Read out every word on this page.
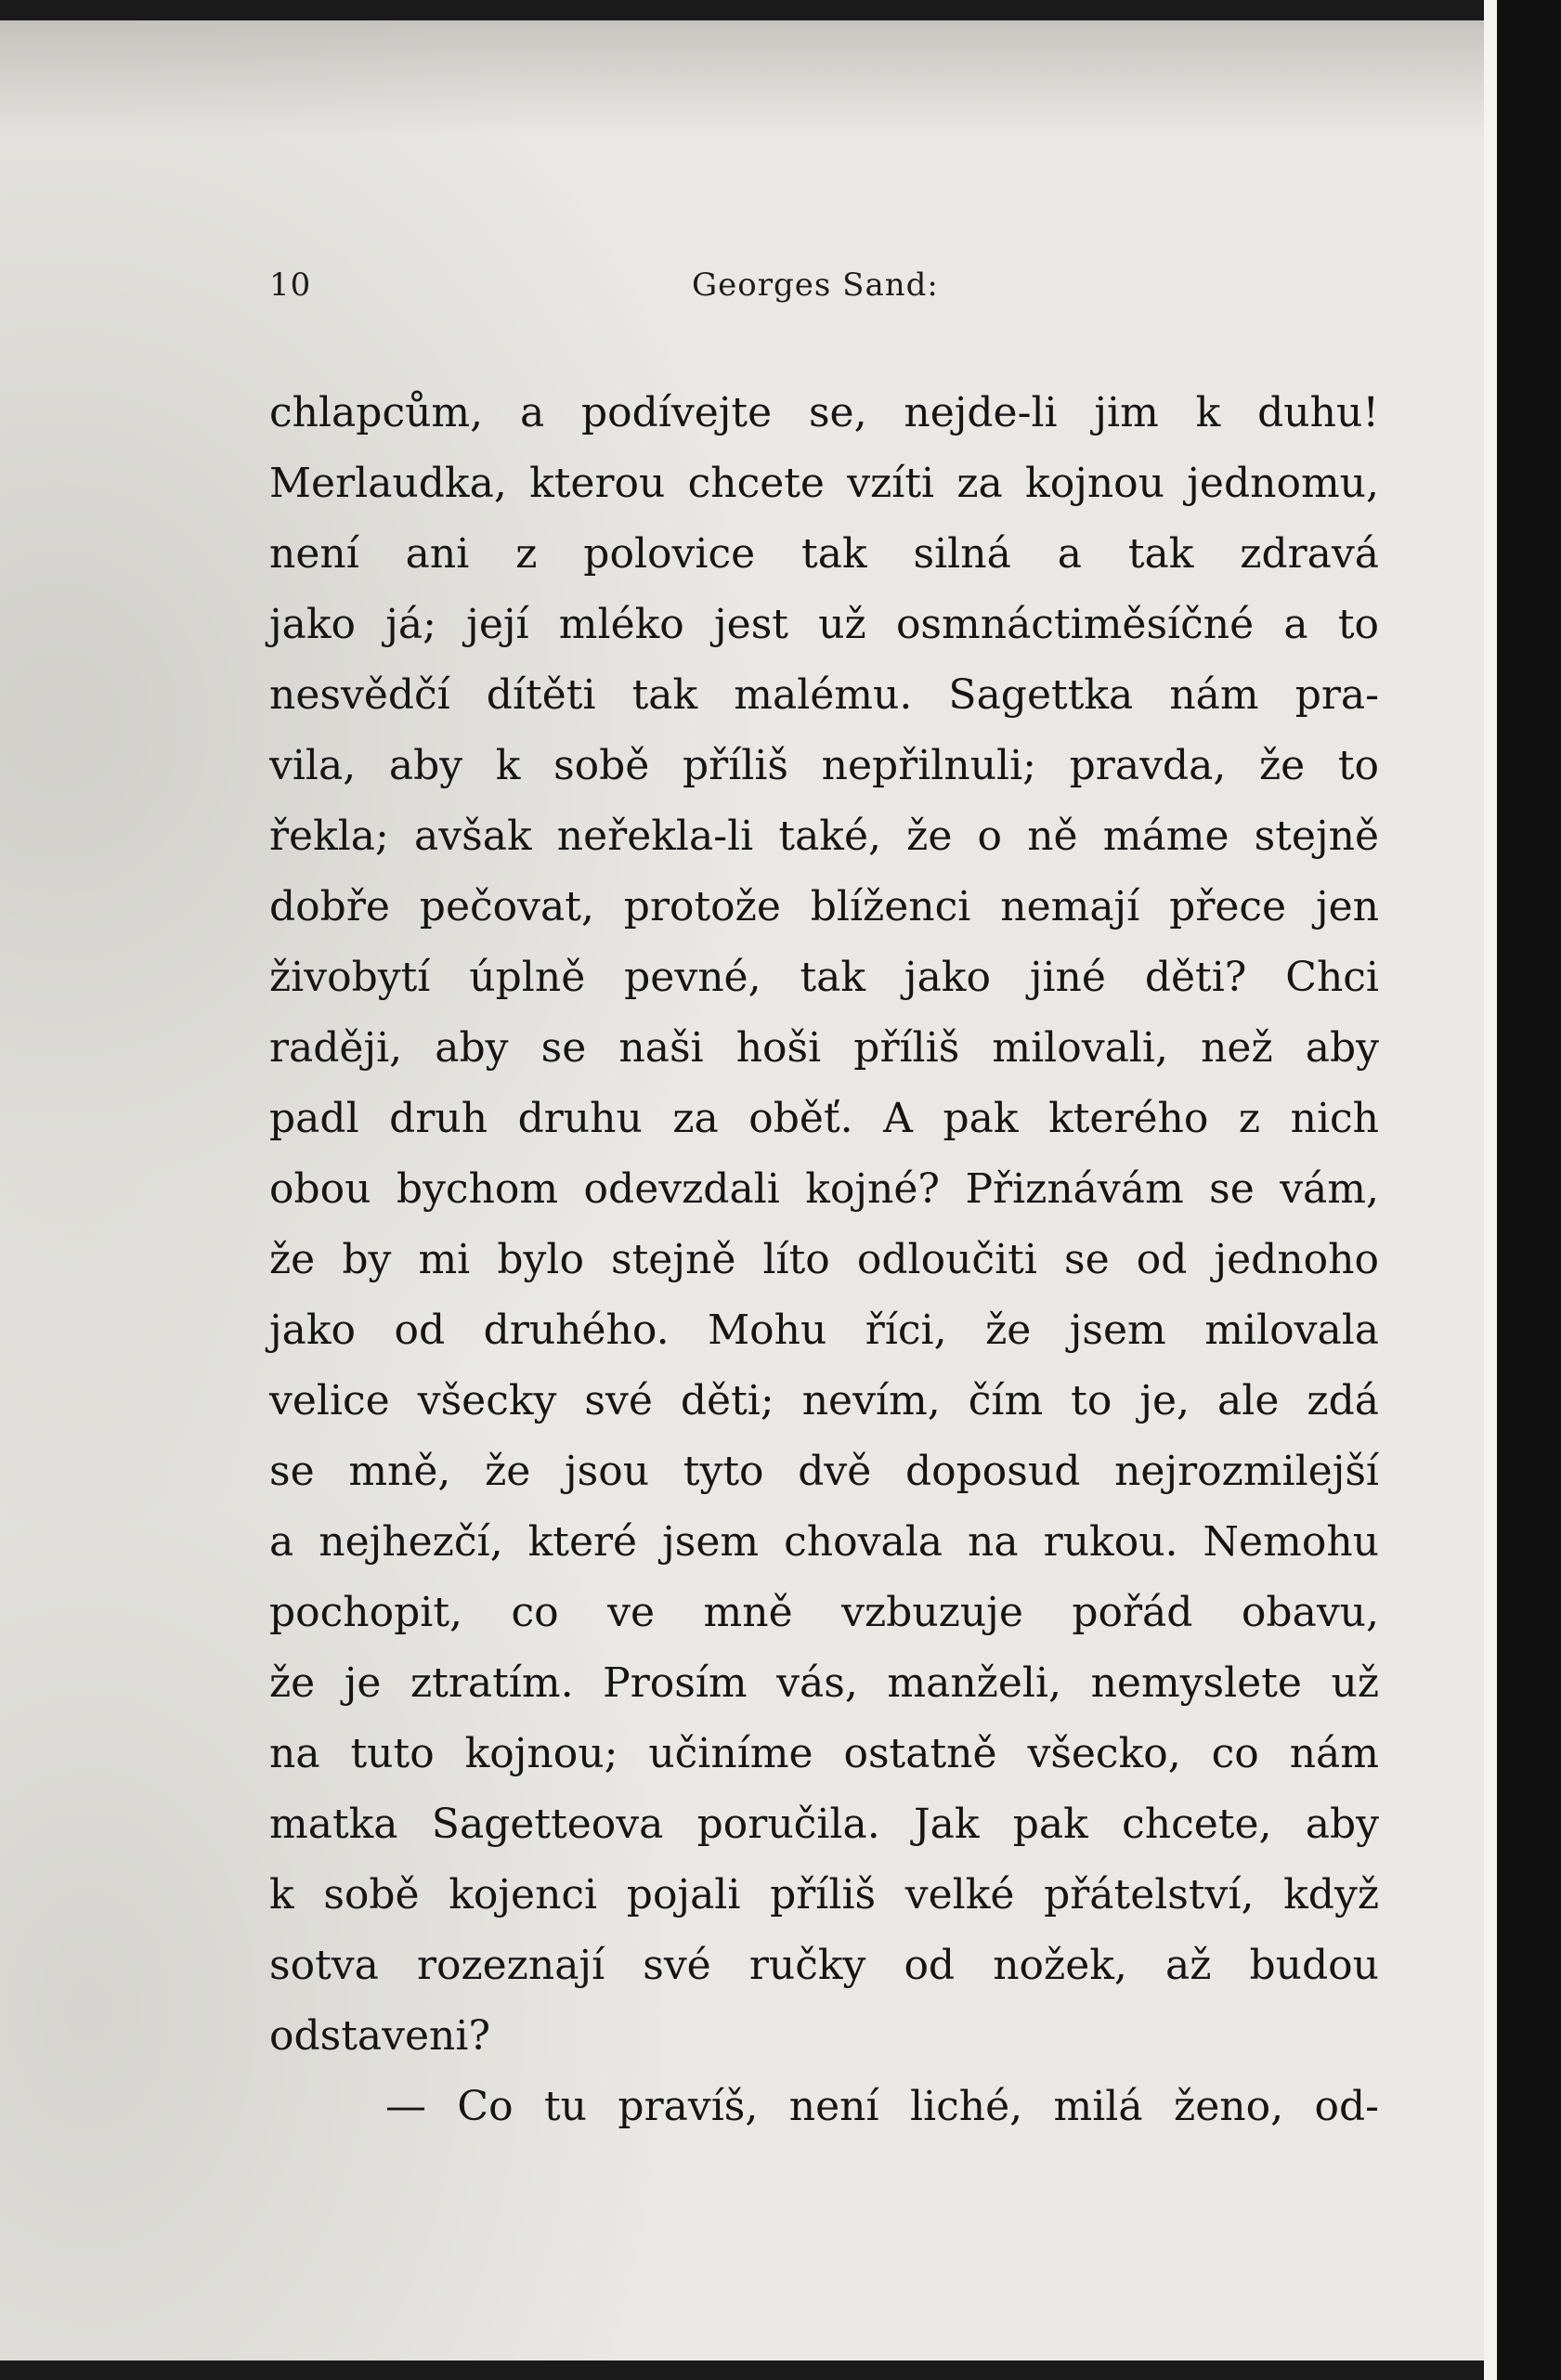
10	Georges Sand:
chlapcům, a podívejte se, nejde-li jim k duhu!
Merlaudka, kterou chcete vzíti za kojnou jednomu,
není ani z polovice tak silná a tak zdravá
jako já; její mléko jest už osmnáctiměsíčné a to
nesvědčí dítěti tak malému. Sagettka nám pra-
vila, aby k sobě příliš nepřilnuli; pravda, že to
řekla; avšak neřekla-li také, že o ně máme stejně
dobře pečovat, protože blíženci nemají přece jen
živobytí úplně pevné, tak jako jiné děti? Chci
raději, aby se naši hoši příliš milovali, než aby
padl druh druhu za oběť. A pak kterého z nich
obou bychom odevzdali kojné? Přiznávám se vám,
že by mi bylo stejně líto odloučiti se od jednoho
jako od druhého. Mohu říci, že jsem milovala
velice všecky své děti; nevím, čím to je, ale zdá
se mně, že jsou tyto dvě doposud nejrozmilejší
a nejhezčí, které jsem chovala na rukou. Nemohu
pochopit, co ve mně vzbuzuje pořád obavu,
že je ztratím. Prosím vás, manželi, nemyslete už
na tuto kojnou; učiníme ostatně všecko, co nám
matka Sagetteova poručila. Jak pak chcete, aby
k sobě kojenci pojali příliš velké přátelství, když
sotva rozeznají své ručky od nožek, až budou
odstaveni?
— Co tu pravíš, není liché, milá ženo, od-
